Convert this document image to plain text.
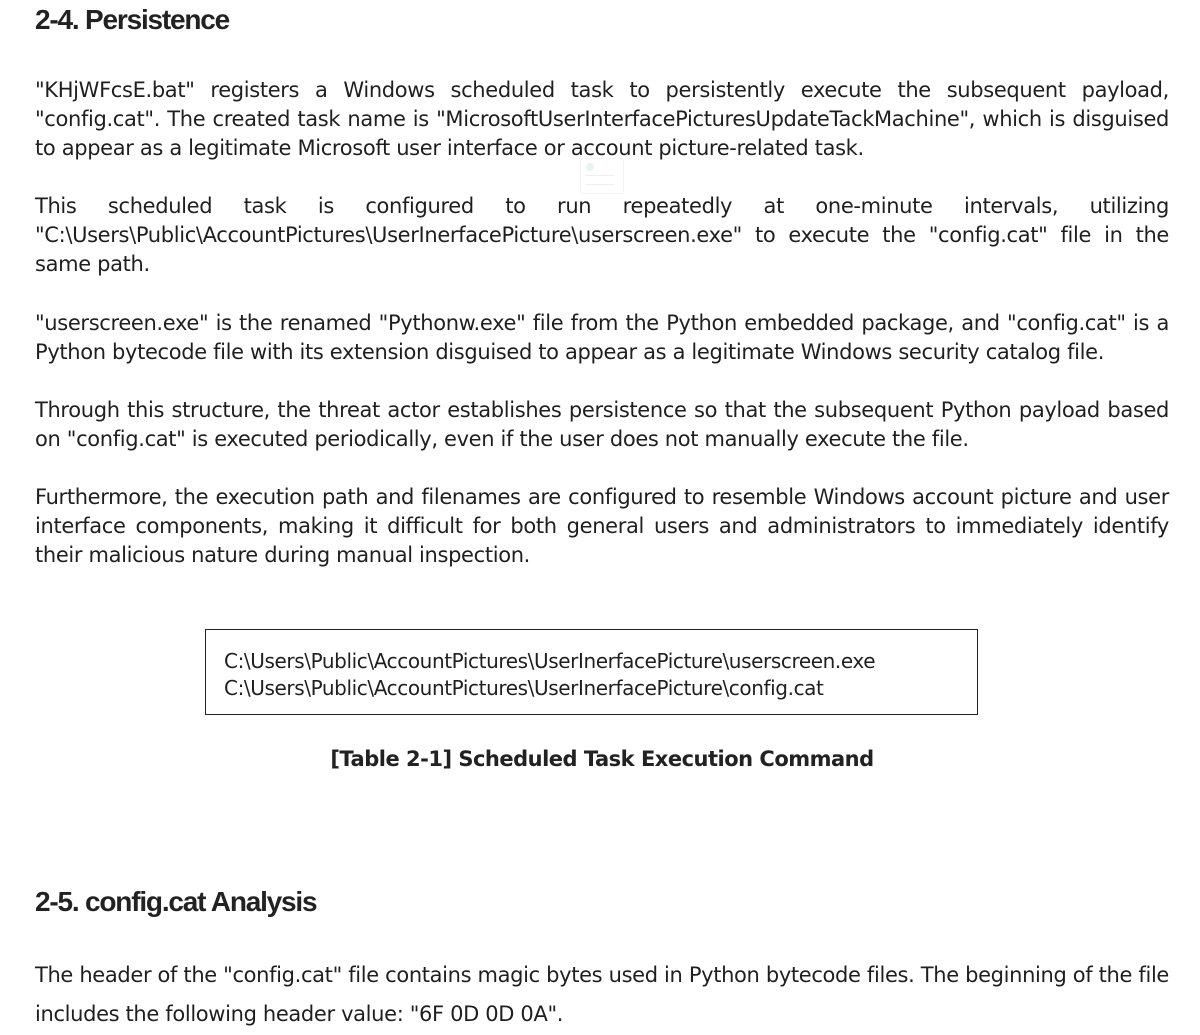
2-4. Persistence

"KHjWFcsE.bat" registers a Windows scheduled task to persistently execute the subsequent payload, "config.cat". The created task name is "MicrosoftUserInterfacePicturesUpdateTackMachine", which is disguised to appear as a legitimate Microsoft user interface or account picture-related task.

This scheduled task is configured to run repeatedly at one-minute intervals, utilizing "C:\Users\Public\AccountPictures\UserInerfacePicture\userscreen.exe" to execute the "config.cat" file in the same path.

"userscreen.exe" is the renamed "Pythonw.exe" file from the Python embedded package, and "config.cat" is a Python bytecode file with its extension disguised to appear as a legitimate Windows security catalog file.

Through this structure, the threat actor establishes persistence so that the subsequent Python payload based on "config.cat" is executed periodically, even if the user does not manually execute the file.

Furthermore, the execution path and filenames are configured to resemble Windows account picture and user interface components, making it difficult for both general users and administrators to immediately identify their malicious nature during manual inspection.

C:\Users\Public\AccountPictures\UserInerfacePicture\userscreen.exe
C:\Users\Public\AccountPictures\UserInerfacePicture\config.cat

[Table 2-1] Scheduled Task Execution Command

2-5. config.cat Analysis

The header of the "config.cat" file contains magic bytes used in Python bytecode files. The beginning of the file includes the following header value: "6F 0D 0D 0A".
